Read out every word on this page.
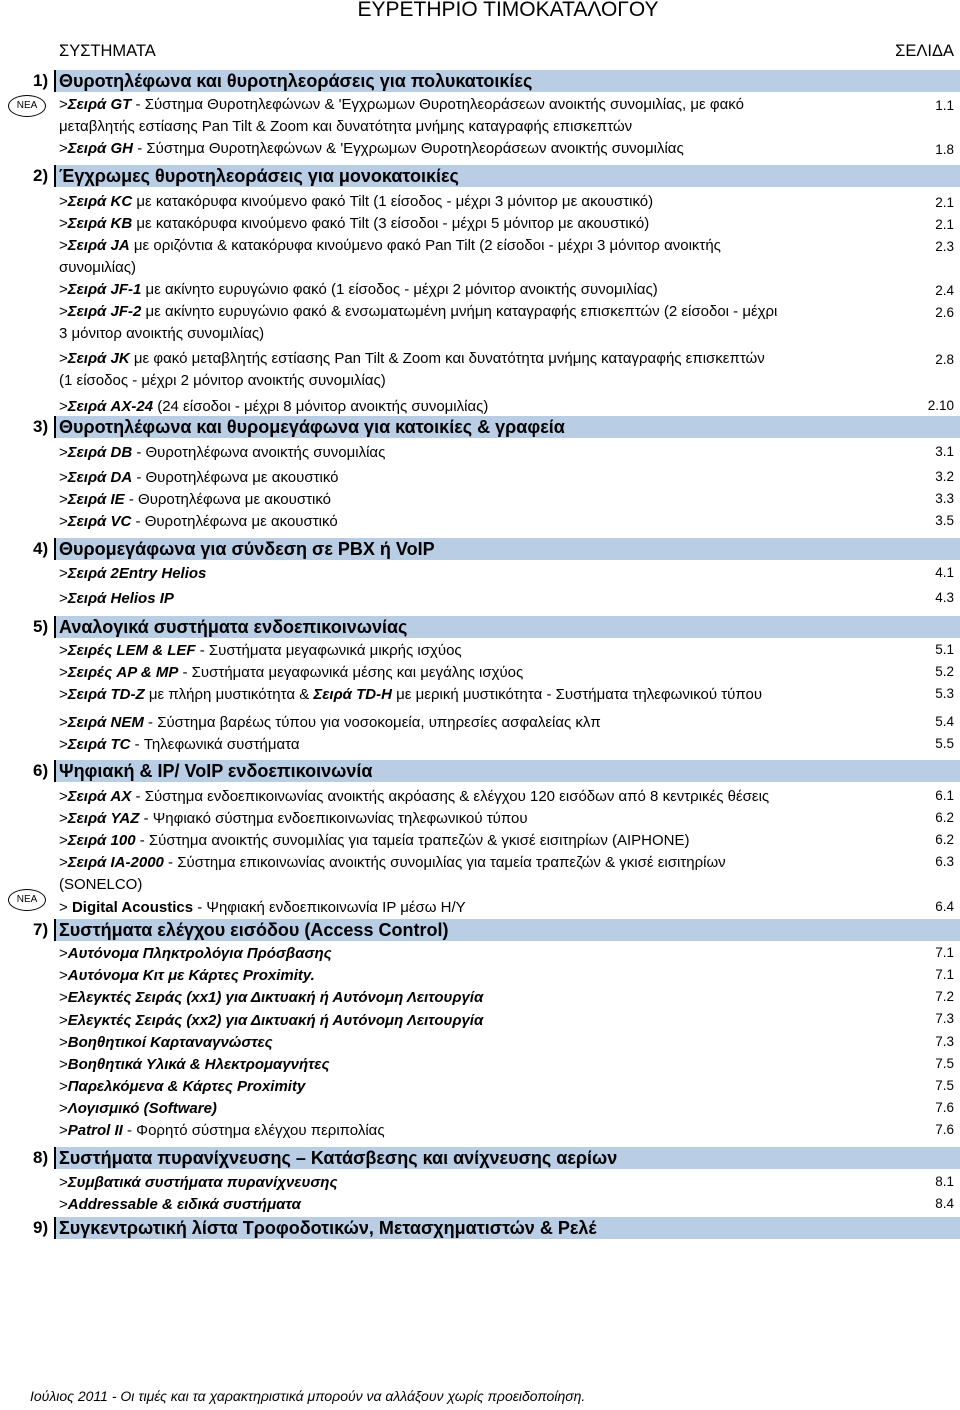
ΕΥΡΕΤΗΡΙΟ ΤΙΜΟΚΑΤΑΛΟΓΟΥ
ΣΥΣΤΗΜΑΤΑ	ΣΕΛΙΔΑ
1) Θυροτηλέφωνα και θυροτηλεοράσεις για πολυκατοικίες
2) Έγχρωμες θυροτηλεοράσεις για μονοκατοικίες
3) Θυροτηλέφωνα και θυρομεγάφωνα για κατοικίες & γραφεία
4) Θυρομεγάφωνα για σύνδεση σε PBX ή VoIP
5) Αναλογικά συστήματα ενδοεπικοινωνίας
6) Ψηφιακή & IP/ VoIP ενδοεπικοινωνία
7) Συστήματα ελέγχου εισόδου (Access Control)
8) Συστήματα πυρανίχνευσης – Κατάσβεσης και ανίχνευσης αερίων
9) Συγκεντρωτική λίστα Τροφοδοτικών, Μετασχηματιστών & Ρελέ
ΝΕΑ
ΝΕΑ
>Σειρά GT - Σύστημα Θυροτηλεφώνων & 'Εγχρωμων Θυροτηλεοράσεων ανοικτής συνομιλίας, με φακό
μεταβλητής εστίασης Pan Tilt & Zoom και δυνατότητα μνήμης καταγραφής επισκεπτών
1.1
>Σειρά GH - Σύστημα Θυροτηλεφώνων & 'Εγχρωμων Θυροτηλεοράσεων ανοικτής συνομιλίας	1.8
>Σειρά KC με κατακόρυφα κινούμενο φακό Tilt (1 είσοδος - μέχρι 3 μόνιτορ με ακουστικό)	2.1
>Σειρά KB με κατακόρυφα κινούμενο φακό Tilt (3 είσοδοι - μέχρι 5 μόνιτορ με ακουστικό)	2.1
>Σειρά JA με οριζόντια & κατακόρυφα κινούμενο φακό Pan Tilt (2 είσοδοι - μέχρι 3 μόνιτορ ανοικτής
συνομιλίας)
2.3
>Σειρά JF-1 με ακίνητο ευρυγώνιο φακό (1 είσοδος - μέχρι 2 μόνιτορ ανοικτής συνομιλίας)	2.4
>Σειρά JF-2 με ακίνητο ευρυγώνιο φακό & ενσωματωμένη μνήμη καταγραφής επισκεπτών (2 είσοδοι - μέχρι
3 μόνιτορ ανοικτής συνομιλίας)
2.6
>Σειρά JK με φακό μεταβλητής εστίασης Pan Tilt & Zoom και δυνατότητα μνήμης καταγραφής επισκεπτών
(1 είσοδος - μέχρι 2 μόνιτορ ανοικτής συνομιλίας)
2.8
>Σειρά AX-24 (24 είσοδοι - μέχρι 8 μόνιτορ ανοικτής συνομιλίας)	2.10
>Σειρά DB - Θυροτηλέφωνα ανοικτής συνομιλίας	3.1
>Σειρά DA - Θυροτηλέφωνα με ακουστικό	3.2
>Σειρά IE - Θυροτηλέφωνα με ακουστικό	3.3
>Σειρά VC - Θυροτηλέφωνα με ακουστικό	3.5
>Σειρά 2Entry Helios	4.1
>Σειρά Helios IP	4.3
>Σειρές LEM & LEF - Συστήματα μεγαφωνικά μικρής ισχύος	5.1
>Σειρές AP & MP - Συστήματα μεγαφωνικά μέσης και μεγάλης ισχύος	5.2
>Σειρά TD-Z με πλήρη μυστικότητα & Σειρά TD-H με μερική μυστικότητα - Συστήματα τηλεφωνικού τύπου	5.3
>Σειρά NEM - Σύστημα βαρέως τύπου για νοσοκομεία, υπηρεσίες ασφαλείας κλπ	5.4
>Σειρά TC - Τηλεφωνικά συστήματα	5.5
>Σειρά AX - Σύστημα ενδοεπικοινωνίας ανοικτής ακρόασης & ελέγχου 120 εισόδων από 8 κεντρικές θέσεις	6.1
>Σειρά YAZ - Ψηφιακό σύστημα ενδοεπικοινωνίας τηλεφωνικού τύπου	6.2
>Σειρά 100 - Σύστημα ανοικτής συνομιλίας για ταμεία τραπεζών & γκισέ εισιτηρίων (AIPHONE)	6.2
>Σειρά IA-2000 - Σύστημα επικοινωνίας ανοικτής συνομιλίας για ταμεία τραπεζών & γκισέ εισιτηρίων
(SONELCO)
6.3
> Digital Acoustics - Ψηφιακή ενδοεπικοινωνία IP μέσω H/Y	6.4
>Αυτόνομα Πληκτρολόγια Πρόσβασης	7.1
>Αυτόνομα Κιτ με Κάρτες Proximity.	7.1
>Ελεγκτές Σειράς (xx1) για Δικτυακή ή Αυτόνομη Λειτουργία	7.2
>Ελεγκτές Σειράς (xx2) για Δικτυακή ή Αυτόνομη Λειτουργία	7.3
>Βοηθητικοί Καρταναγνώστες	7.3
>Βοηθητικά Υλικά & Ηλεκτρομαγνήτες	7.5
>Παρελκόμενα & Κάρτες Proximity	7.5
>Λογισμικό (Software)	7.6
>Patrol II - Φορητό σύστημα ελέγχου περιπολίας	7.6
>Συμβατικά συστήματα πυρανίχνευσης	8.1
>Addressable & ειδικά συστήματα	8.4
Ιούλιος 2011 - Οι τιμές και τα χαρακτηριστικά μπορούν να αλλάξουν χωρίς προειδοποίηση.
